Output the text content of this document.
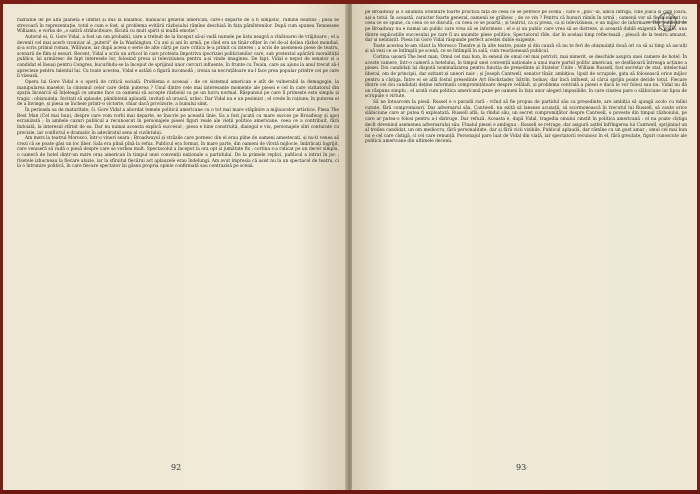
răzbunie de pe altă planetă e umflat și dus la balamuc, maniacul general american, care-i departe de a fi simpatic, rămîne neatins ; pusa se strecoară în reprezentaţie, totul e cum e fost, și problema evitării războiului rămîne deschisă în fața pămîntenilor. După cum spunea Tennessee Williams, e vorba de „o satiră străluciteare, făcută cu mult spirit și multă emoție“.

Autorul ei, G. Gore Vidal, a fost un om probabil, care a trebuit de la început să-și vadă numele pe lista neagră a vînătoarei de vrăjitoare ; el a devenit cel mai acerb cronicar al „puterii“ de la Washington. Cu ani și ani în urmă, pe cînd era un tînăr ofițer în cel de-al doilea război mondial, și-a scris primul roman, Williwaw, iar după aceea o serie de alte cărți pe care critica le-a primit cu interes ; a scris de asemenea piese de teatru, scenarii de film și eseuri. Recent, Vidal a scris un articol în care protesta împotriva ipocriziei politicienilor care, sub pretextul apărării moralității publice, își urmăresc de fapt interesele lor, folosind presa și televiziunea pentru a-și vinde imaginea. De fapt, Vidal e nepot de senator și a candidat el însuși pentru Congres, bucurîndu-se la început de sprijinul unor cercuri influente, în frunte cu Twain, care au ajuns la anul trecut să-l aprecieze pentru talentul lui. Cu toate acestea, Vidal e astăzi o figură incomodă ; ironia sa necruțătoare nu-l face prea popular printre cei pe care îi vizează.

Opera lui Gore Vidal e o operă de critică socială. Problema e aceeași : de ce sistemul american e atît de vulnerabil la demagogie, la manipularea maselor, la cinismul celor care dețin puterea ? Unul dintre cele mai interesante momente ale piesei e cel în care vizitatorul din spațiu încearcă să înțeleagă ce anume face ca oamenii să accepte războiul ca pe un lucru normal. Răspunsul pe care îl primește este simplu și tragic : obișnuința. Invitați să aplaude, pămîntenii aplaudă, invitați să urască, urăsc. Dar Vidal nu e un pesimist ; el crede în rațiune, în puterea ei de a învinge, și piesa se încheie printr-o victorie, chiar dacă provizorie, a bunului simț.

În perioada sa de maturitate, G. Gore Vidal a abordat temele politicii americane cu o tot mai mare stăpînire a mijloacelor artistice. Piesa The Best Man (Cel mai bun), despre care vom vorbi mai departe, se înscrie pe această linie. Ea a fost jucată cu mare succes pe Broadway și apoi ecranizată ; în ambele cazuri publicul a recunoscut în personajele piesei figuri reale ale vieții politice americane, ceea ce a contribuit, fără îndoială, la interesul stîrnit de ea. Dar nu numai aceasta explică succesul ; piesa e bine construită, dialogul e viu, personajele sînt conturate cu precizie, iar conflictul e dramatic în adevăratul sens al cuvîntului.

Am mers la teatrul Morosco, într-o vineri seara ; Broadwayul și străzile care pornesc din el erau pline de oameni amestecați, și nu-ți venea să crezi că se poate găsi un loc liber. Sala era plină pînă la refuz. Publicul era format, în mare parte, din oameni de vîrstă mijlocie, îmbrăcați îngrijit, care veniseră să vadă o piesă despre care se vorbea mult. Spectacolul a început la ora opt și jumătate fix ; cortina s-a ridicat pe un decor simplu, o cameră de hotel dintr-un mare oraș american în timpul unei convenții naționale a partidului. De la primele replici, publicul a intrat în joc ; rîsetele izbucneau la fiecare aluzie, iar la sfîrșitul fiecărui act aplauzele erau îndelungi. Am avut impresia că asist nu la un spectacol de teatru, ci la o întrunire politică, în care fiecare spectator își găsea propria opinie confirmată sau contrazisă pe scenă.

92

pe Broadway și o anumită orientare foarte practică față de ceea ce se petrece pe scenă : care e „ploi“-ul, adică intriga, cine joacă și cum joacă, ași-a totul. În această, caracter foarte general, oamenii se grăbesc ; de ce vin ? Pentru că bunuri rămîn în urmă ; oamenii vor să fie la curent cu ceea ce se spune, cu ceea ce se discută, cu ceea ce se poartă ; și teatrul, ca și presa, ca și televiziunea, e un mijloc de informare. Dar publicul de pe Broadway nu e numai un public care vrea să se informeze ; el e și un public care vrea să se distreze, și această dublă exigență e, poate, una dintre explicațiile succesului pe care îl au anumite piese politice. Spectatorul rîde, dar în același timp reflectează ; pleacă de la teatru amuzat, dar și neliniștit. Piesa lui Gore Vidal răspunde perfect acestei duble exigențe.

Toate acestea le-am văzut la Morosco Theatre și în alte teatre, poate și din cauză că nu te feri de obișnuință două ori ca să ai timp să asculți și să vezi ce se întîmplă pe scenă, ce se întîmplă în sală, cum reacționează publicul.

Cortina ușoară The best man, Omul cel mai bun, în sensul de omul cel mai potrivit, mai nimerit, se deschide asupra unei camere de hotel. În aceste camere, într-o cameră a hotelului, în timpul unei convenții naționale a unui mare partid politic american, se desfășoară întreaga acțiune a piesei. Doi candidați își dispută nominalizarea pentru funcția de președinte al Statelor Unite : William Russell, fost secretar de stat, intelectual liberal, om de principii, dar ezitant și uneori naiv ; și Joseph Cantwell, senator tînăr, ambițios, lipsit de scrupule, gata să folosească orice mijloc pentru a cîștiga. Între ei se află fostul președinte Art Hockstader, bătrîn, bolnav, dar încă influent, al cărui sprijin poate decide totul. Fiecare dintre cei doi candidați deține informații compromițătoare despre celălalt, și problema centrală a piesei e dacă le vor folosi sau nu. Vidal nu dă un răspuns simplu ; el arată cum politica americană pune pe oameni în fața unor alegeri imposibile, în care cinstea pare o slăbiciune iar lipsa de scrupule o virtute.

Să ne întoarcem la piesă. Russel e o paradă rară : vrînd să fie propus de partidul său ca președinte, are ambiția să ajungă acolo cu mîini curate, fără compromisuri. Dar adversarul său, Cantwell, nu ezită să lanseze acuzații, să scormonească în trecutul lui Russell, să caute orice slăbiciune care ar putea fi exploatată. Russell află, la rîndul său, un secret compromițător despre Cantwell, o poveste din timpul războiului, pe care ar putea-o folosi pentru a-l distruge. Dar refuză. Aceasta e, după Vidal, tragedia omului cinstit în politica americană : el nu poate cîștiga decît devenind asemenea adversarului său. Finalul piesei e ambiguu ; Russell se retrage, dar asigură astfel înfrîngerea lui Cantwell, sprijinind un al treilea candidat, un om mediocru, fără personalitate, dar și fără vicii vizibile. Publicul aplaudă, dar rămîne cu un gust amar ; omul cel mai bun nu e cel care cîștigă, ci cel care renunță. Personajul pare luat de Vidal din viață, iar spectatorii recunosc în el, fără greutate, figuri cunoscute ale politicii americane din ultimele decenii.

93
